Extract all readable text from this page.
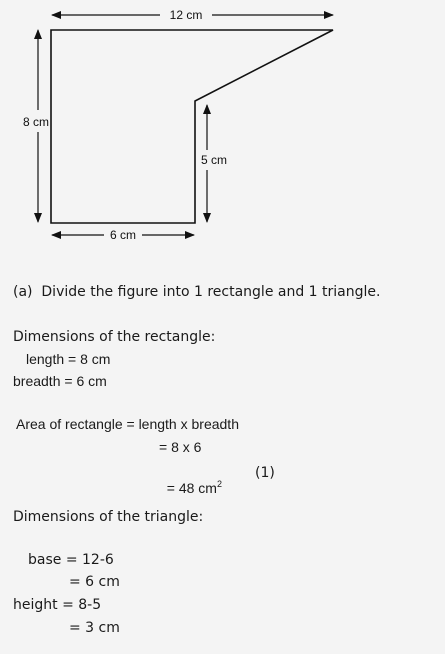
12 cm
8 cm
5 cm
6 cm
(a)  Divide the figure into 1 rectangle and 1 triangle.
Dimensions of the rectangle:
length = 8 cm
breadth = 6 cm
Area of rectangle = length x breadth
= 8 x 6

= 48 $cm^2$

(1)
Dimensions of the triangle:
base = 12-6
= 6 cm
height = 8-5
= 3 cm
